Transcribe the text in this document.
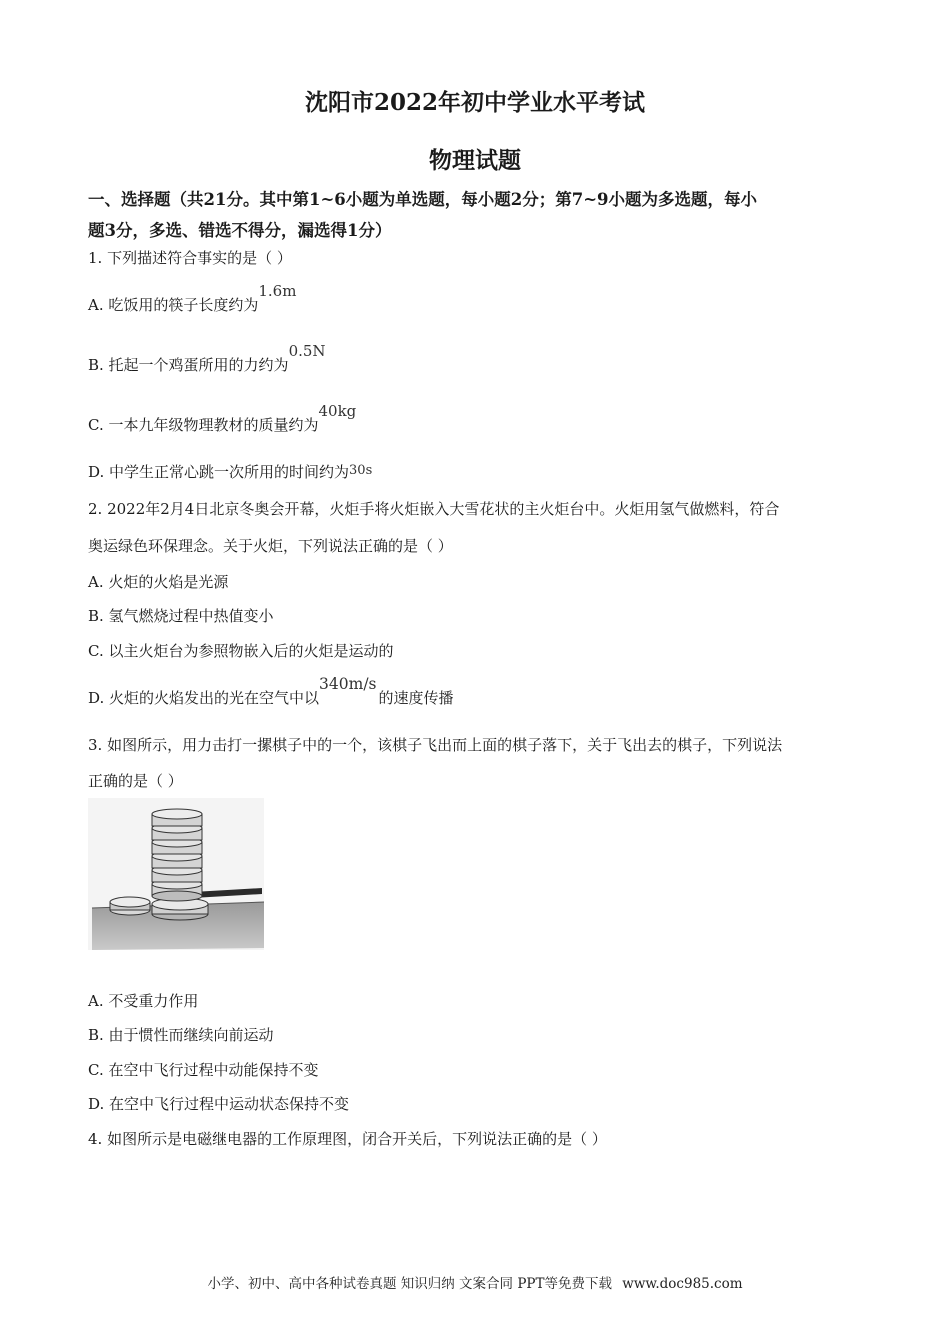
沈阳市2022年初中学业水平考试
物理试题
一、选择题（共21分。其中第1~6小题为单选题，每小题2分；第7~9小题为多选题，每小
题3分，多选、错选不得分，漏选得1分）
1. 下列描述符合事实的是（ ）
A. 吃饭用的筷子长度约为1.6m
B. 托起一个鸡蛋所用的力约为0.5N
C. 一本九年级物理教材的质量约为40kg
D. 中学生正常心跳一次所用的时间约为30s
2. 2022年2月4日北京冬奥会开幕，火炬手将火炬嵌入大雪花状的主火炬台中。火炬用氢气做燃料，符合
奥运绿色环保理念。关于火炬，下列说法正确的是（ ）
A. 火炬的火焰是光源
B. 氢气燃烧过程中热值变小
C. 以主火炬台为参照物嵌入后的火炬是运动的
D. 火炬的火焰发出的光在空气中以340m/s的速度传播
3. 如图所示，用力击打一摞棋子中的一个，该棋子飞出而上面的棋子落下，关于飞出去的棋子，下列说法
正确的是（ ）
A. 不受重力作用
B. 由于惯性而继续向前运动
C. 在空中飞行过程中动能保持不变
D. 在空中飞行过程中运动状态保持不变
4. 如图所示是电磁继电器的工作原理图，闭合开关后，下列说法正确的是（ ）
小学、初中、高中各种试卷真题 知识归纳 文案合同 PPT等免费下载 www.doc985.com
